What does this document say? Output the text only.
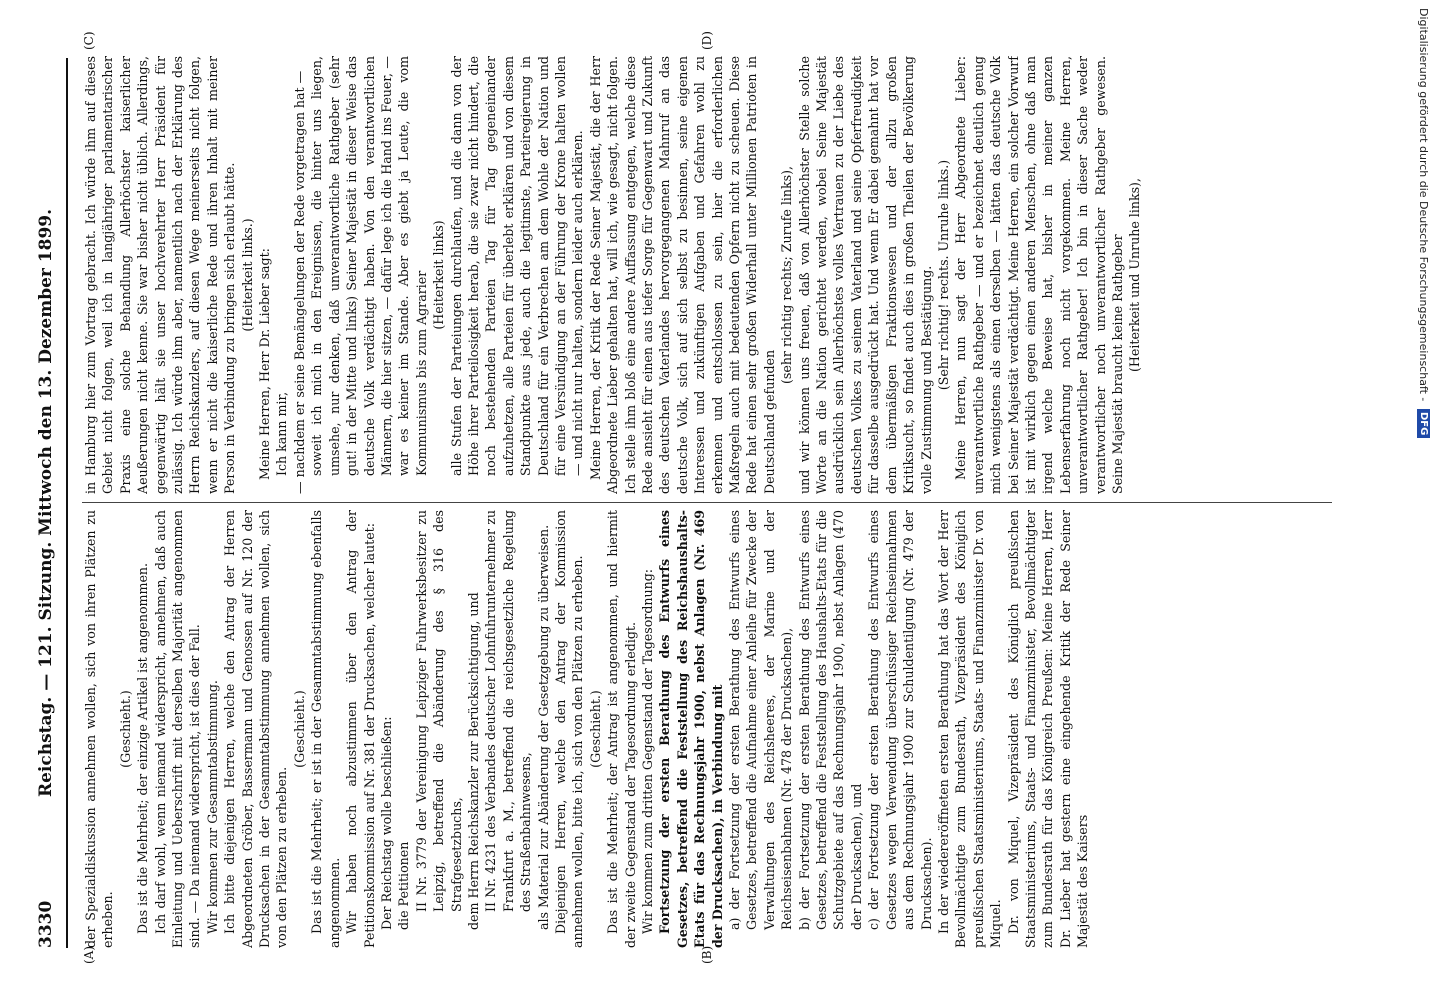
3330
Reichstag. — 121. Sitzung. Mittwoch den 13. Dezember 1899.
(A)	(B)
(C)	(D)

der Spezialdiskussion annehmen wollen, sich von ihren Plätzen zu erheben.

(Geschieht.) Das ist die Mehrheit; der einzige Artikel ist angenommen. Ich darf wohl, wenn niemand widerspricht, annehmen, daß auch Einleitung und Ueberschrift mit derselben Majorität angenommen sind. — Da niemand widerspricht, ist dies der Fall. Wir kommen zur Gesammtabstimmung. Ich bitte diejenigen Herren, welche den Antrag der Herren Abgeordneten Gröber, Bassermann und Genossen auf Nr. 120 der Drucksachen in der Gesammtabstimmung annehmen wollen, sich von den Plätzen zu erheben.

(Geschieht.) Das ist die Mehrheit; er ist in der Gesammtabstimmung ebenfalls angenommen. Wir haben noch abzustimmen über den Antrag der Petitionskommission auf Nr. 381 der Drucksachen, welcher lautet: Der Reichstag wolle beschließen: die Petitionen II Nr. 3779 der Vereinigung Leipziger Fuhrwerksbesitzer zu Leipzig, betreffend die Abänderung des § 316 des Strafgesetzbuchs, dem Herrn Reichskanzler zur Berücksichtigung, und II Nr. 4231 des Verbandes deutscher Lohnfuhrunternehmer zu Frankfurt a. M., betreffend die reichsgesetzliche Regelung des Straßenbahnwesens, als Material zur Abänderung der Gesetzgebung zu überweisen. Diejenigen Herren, welche den Antrag der Kommission annehmen wollen, bitte ich, sich von den Plätzen zu erheben. (Geschieht.) Das ist die Mehrheit; der Antrag ist angenommen, und hiermit der zweite Gegenstand der Tagesordnung erledigt. Wir kommen zum dritten Gegenstand der Tagesordnung: Fortsetzung der ersten Berathung des Entwurfs eines Gesetzes, betreffend die Feststellung des Reichshaushalts-Etats für das Rechnungsjahr 1900, nebst Anlagen (Nr. 469 der Drucksachen), in Verbindung mit a) der Fortsetzung der ersten Berathung des Entwurfs eines Gesetzes, betreffend die Aufnahme einer Anleihe für Zwecke der Verwaltungen des Reichsheeres, der Marine und der Reichseisenbahnen (Nr. 478 der Drucksachen), b) der Fortsetzung der ersten Berathung des Entwurfs eines Gesetzes, betreffend die Feststellung des Haushalts-Etats für die Schutzgebiete auf das Rechnungsjahr 1900, nebst Anlagen (470 der Drucksachen), und c) der Fortsetzung der ersten Berathung des Entwurfs eines Gesetzes wegen Verwendung überschüssiger Reichseinnahmen aus dem Rechnungsjahr 1900 zur Schuldentilgung (Nr. 479 der Drucksachen). In der wiedereröffneten ersten Berathung hat das Wort der Herr Bevollmächtigte zum Bundesrath, Vizepräsident des Königlich preußischen Staatsministeriums, Staats- und Finanzminister Dr. von Miquel. Dr. von Miquel, Vizepräsident des Königlich preußischen Staatsministeriums, Staats- und Finanzminister, Bevollmächtigter zum Bundesrath für das Königreich Preußen: Meine Herren, Herr Dr. Lieber hat gestern eine eingehende Kritik der Rede Seiner Majestät des Kaisers

in Hamburg hier zum Vortrag gebracht. Ich würde ihm auf dieses Gebiet nicht folgen, weil ich in langjähriger parlamentarischer Praxis eine solche Behandlung Allerhöchster kaiserlicher Aeußerungen nicht kenne. Sie war bisher nicht üblich. Allerdings, gegenwärtig hält sie unser hochverehrter Herr Präsident für zulässig. Ich würde ihm aber, namentlich nach der Erklärung des Herrn Reichskanzlers, auf diesen Wege meinerseits nicht folgen, wenn er nicht die kaiserliche Rede und ihren Inhalt mit meiner Person in Verbindung zu bringen sich erlaubt hätte. (Heiterkeit links.) Meine Herren, Herr Dr. Lieber sagt: Ich kann mir, — nachdem er seine Bemängelungen der Rede vorgetragen hat — soweit ich mich in den Ereignissen, die hinter uns liegen, umsehe, nur denken, daß unverantwortliche Rathgeber (sehr gut! in der Mitte und links) Seiner Majestät in dieser Weise das deutsche Volk verdächtigt haben. Von den verantwortlichen Männern, die hier sitzen, — dafür lege ich die Hand ins Feuer, — war es keiner im Stande. Aber es giebt ja Leute, die vom Kommunismus bis zum Agrarier (Heiterkeit links) alle Stufen der Parteiungen durchlaufen, und die dann von der Höhe ihrer Parteilosigkeit herab, die sie zwar nicht hindert, die noch bestehenden Parteien Tag für Tag gegeneinander aufzuhetzen, alle Parteien für überlebt erklären und von diesem Standpunkte aus jede, auch die legitimste, Parteiregierung in Deutschland für ein Verbrechen am dem Wohle der Nation und für eine Versündigung an der Führung der Krone halten wollen — und nicht nur halten, sondern leider auch erklären. Meine Herren, der Kritik der Rede Seiner Majestät, die der Herr Abgeordnete Lieber gehalten hat, will ich, wie gesagt, nicht folgen. Ich stelle ihm bloß eine andere Auffassung entgegen, welche diese Rede ansieht für einen aus tiefer Sorge für Gegenwart und Zukunft des deutschen Vaterlandes hervorgegangenen Mahnruf an das deutsche Volk, sich auf sich selbst zu besinnen, seine eigenen Interessen und zukünftigen Aufgaben und Gefahren wohl zu erkennen und entschlossen zu sein, hier die erforderlichen Maßregeln auch mit bedeutenden Opfern nicht zu scheuen. Diese Rede hat einen sehr großen Widerhall unter Millionen Patrioten in Deutschland gefunden

(sehr richtig rechts; Zurufe links), und wir können uns freuen, daß von Allerhöchster Stelle solche Worte an die Nation gerichtet werden, wobei Seine Majestät ausdrücklich sein Allerhöchstes volles Vertrauen zu der Liebe des deutschen Volkes zu seinem Vaterland und seine Opferfreudigkeit für dasselbe ausgedrückt hat. Und wenn Er dabei gemahnt hat vor dem übermäßigen Fraktionswesen und der allzu großen Kritiksucht, so findet auch dies in großen Theilen der Bevölkerung volle Zustimmung und Bestätigung. (Sehr richtig! rechts. Unruhe links.) Meine Herren, nun sagt der Herr Abgeordnete Lieber: unverantwortliche Rathgeber — und er bezeichnet deutlich genug mich wenigstens als einen derselben — hätten das deutsche Volk bei Seiner Majestät verdächtigt. Meine Herren, ein solcher Vorwurf ist mit wirklich gegen einen anderen Menschen, ohne daß man irgend welche Beweise hat, bisher in meiner ganzen Lebenserfahrung noch nicht vorgekommen. Meine Herren, unverantwortlicher Rathgeber! Ich bin in dieser Sache weder verantwortlicher noch unverantwortlicher Rathgeber gewesen. Seine Majestät braucht keine Rathgeber (Heiterkeit und Unruhe links),	Digitalisierung gefördert durch die Deutsche Forschungsgemeinschaft - DFG
